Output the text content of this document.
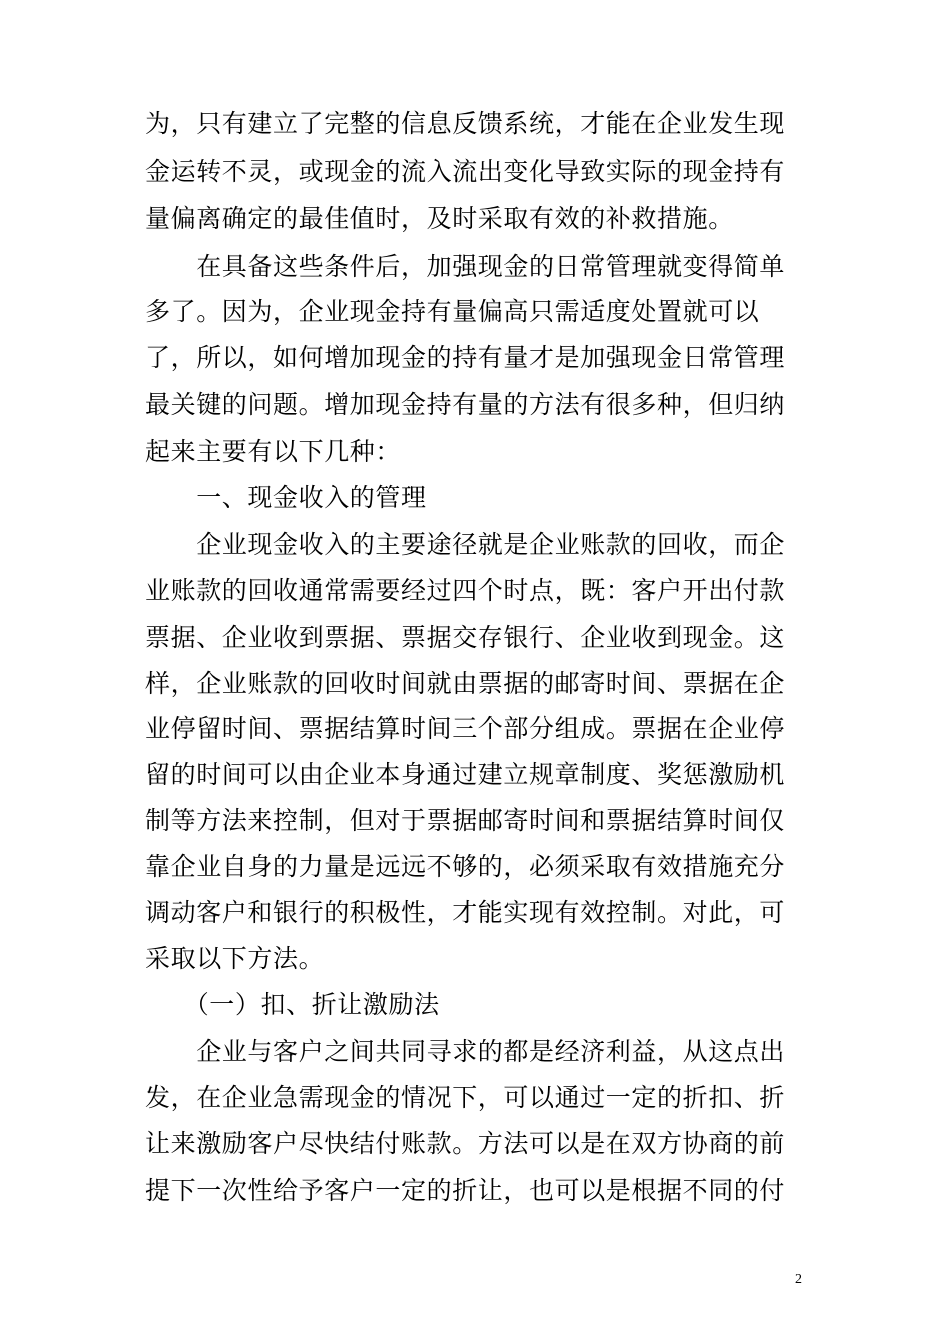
为，只有建立了完整的信息反馈系统，才能在企业发生现
金运转不灵，或现金的流入流出变化导致实际的现金持有
量偏离确定的最佳值时，及时采取有效的补救措施。
　　在具备这些条件后，加强现金的日常管理就变得简单
多了。因为，企业现金持有量偏高只需适度处置就可以
了，所以，如何增加现金的持有量才是加强现金日常管理
最关键的问题。增加现金持有量的方法有很多种，但归纳
起来主要有以下几种：
　　一、现金收入的管理
　　企业现金收入的主要途径就是企业账款的回收，而企
业账款的回收通常需要经过四个时点，既：客户开出付款
票据、企业收到票据、票据交存银行、企业收到现金。这
样，企业账款的回收时间就由票据的邮寄时间、票据在企
业停留时间、票据结算时间三个部分组成。票据在企业停
留的时间可以由企业本身通过建立规章制度、奖惩激励机
制等方法来控制，但对于票据邮寄时间和票据结算时间仅
靠企业自身的力量是远远不够的，必须采取有效措施充分
调动客户和银行的积极性，才能实现有效控制。对此，可
采取以下方法。
　　（一）扣、折让激励法
　　企业与客户之间共同寻求的都是经济利益，从这点出
发，在企业急需现金的情况下，可以通过一定的折扣、折
让来激励客户尽快结付账款。方法可以是在双方协商的前
提下一次性给予客户一定的折让，也可以是根据不同的付
2
